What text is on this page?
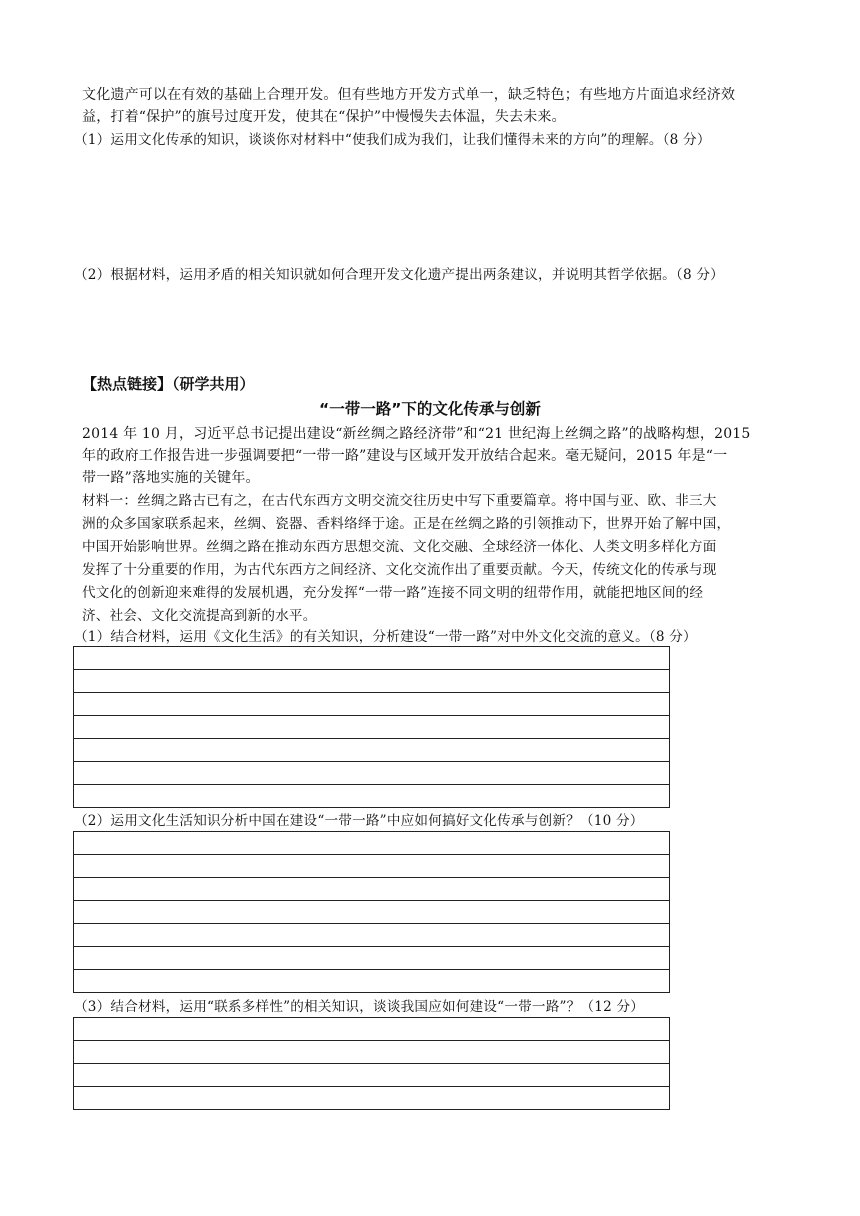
文化遗产可以在有效的基础上合理开发。但有些地方开发方式单一，缺乏特色；有些地方片面追求经济效
益，打着“保护”的旗号过度开发，使其在“保护”中慢慢失去体温，失去未来。
（1）运用文化传承的知识，谈谈你对材料中“使我们成为我们，让我们懂得未来的方向”的理解。（8 分）
（2）根据材料，运用矛盾的相关知识就如何合理开发文化遗产提出两条建议，并说明其哲学依据。（8 分）
【热点链接】（研学共用）
“一带一路”下的文化传承与创新
2014 年 10 月，习近平总书记提出建设“新丝绸之路经济带”和“21 世纪海上丝绸之路”的战略构想，2015
年的政府工作报告进一步强调要把“一带一路”建设与区域开发开放结合起来。毫无疑问，2015 年是“一
带一路”落地实施的关键年。
材料一：丝绸之路古已有之，在古代东西方文明交流交往历史中写下重要篇章。将中国与亚、欧、非三大
洲的众多国家联系起来，丝绸、瓷器、香料络绎于途。正是在丝绸之路的引领推动下，世界开始了解中国，
中国开始影响世界。丝绸之路在推动东西方思想交流、文化交融、全球经济一体化、人类文明多样化方面
发挥了十分重要的作用，为古代东西方之间经济、文化交流作出了重要贡献。今天，传统文化的传承与现
代文化的创新迎来难得的发展机遇，充分发挥“一带一路”连接不同文明的纽带作用，就能把地区间的经
济、社会、文化交流提高到新的水平。
（1）结合材料，运用《文化生活》的有关知识，分析建设“一带一路”对中外文化交流的意义。（8 分）
（2）运用文化生活知识分析中国在建设“一带一路”中应如何搞好文化传承与创新？（10 分）
（3）结合材料，运用“联系多样性”的相关知识，谈谈我国应如何建设“一带一路”？（12 分）
